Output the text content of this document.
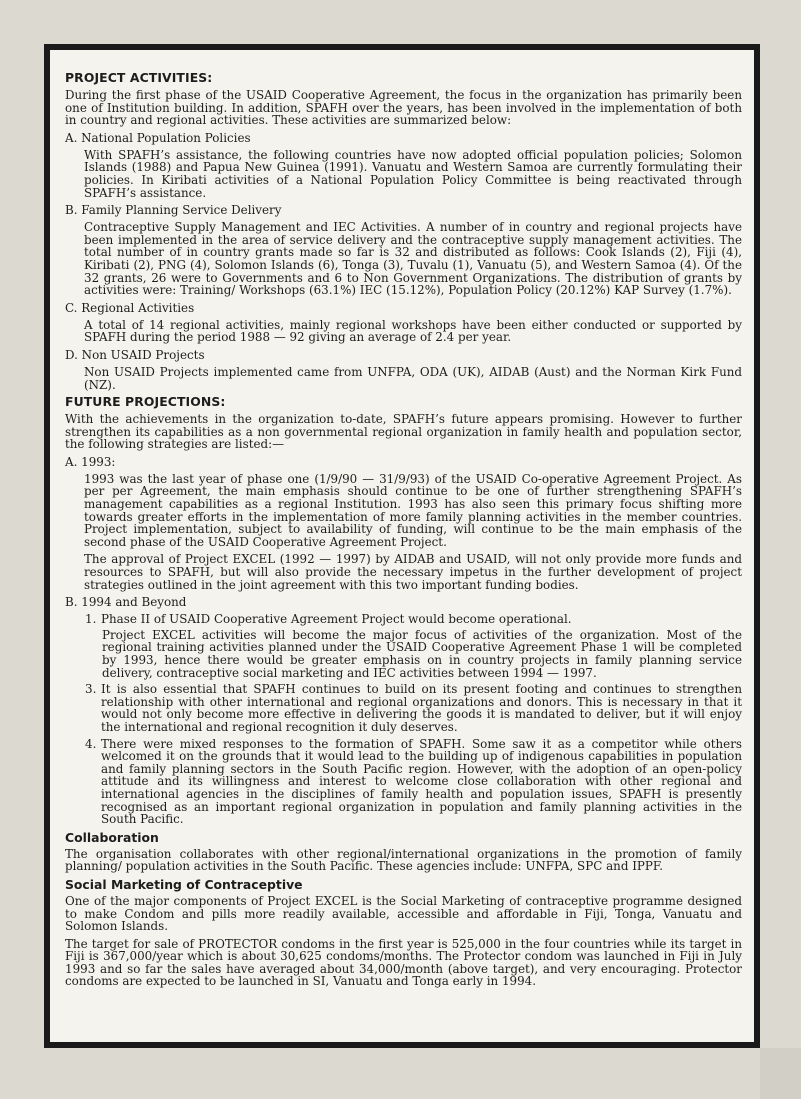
PROJECT ACTIVITIES:

During the first phase of the USAID Cooperative Agreement, the focus in the organization has primarily been one of Institution building. In addition, SPAFH over the years, has been involved in the implementation of both in country and regional activities. These activities are summarized below:

A. National Population Policies

With SPAFH’s assistance, the following countries have now adopted official population policies; Solomon Islands (1988) and Papua New Guinea (1991). Vanuatu and Western Samoa are currently formulating their policies. In Kiribati activities of a National Population Policy Committee is being reactivated through SPAFH’s assistance.

B. Family Planning Service Delivery

Contraceptive Supply Management and IEC Activities. A number of in country and regional projects have been implemented in the area of service delivery and the contraceptive supply management activities. The total number of in country grants made so far is 32 and distributed as follows: Cook Islands (2), Fiji (4), Kiribati (2), PNG (4), Solomon Islands (6), Tonga (3), Tuvalu (1), Vanuatu (5), and Western Samoa (4). Of the 32 grants, 26 were to Governments and 6 to Non Government Organizations. The distribution of grants by activities were: Training/ Workshops (63.1%) IEC (15.12%), Population Policy (20.12%) KAP Survey (1.7%).

C. Regional Activities

A total of 14 regional activities, mainly regional workshops have been either conducted or supported by SPAFH during the period 1988 — 92 giving an average of 2.4 per year.

D. Non USAID Projects

Non USAID Projects implemented came from UNFPA, ODA (UK), AIDAB (Aust) and the Norman Kirk Fund (NZ).

FUTURE PROJECTIONS:

With the achievements in the organization to-date, SPAFH’s future appears promising. However to further strengthen its capabilities as a non governmental regional organization in family health and population sector, the following strategies are listed:—

A. 1993:

1993 was the last year of phase one (1/9/90 — 31/9/93) of the USAID Co-operative Agreement Project. As per per Agreement, the main emphasis should continue to be one of further strengthening SPAFH’s management capabilities as a regional Institution. 1993 has also seen this primary focus shifting more towards greater efforts in the implementation of more family planning activities in the member countries. Project implementation, subject to availability of funding, will continue to be the main emphasis of the second phase of the USAID Cooperative Agreement Project.

The approval of Project EXCEL (1992 — 1997) by AIDAB and USAID, will not only provide more funds and resources to SPAFH, but will also provide the necessary impetus in the further development of project strategies outlined in the joint agreement with this two important funding bodies.

B. 1994 and Beyond

1. Phase II of USAID Cooperative Agreement Project would become operational.

Project EXCEL activities will become the major focus of activities of the organization. Most of the regional training activities planned under the USAID Cooperative Agreement Phase 1 will be completed by 1993, hence there would be greater emphasis on in country projects in family planning service delivery, contraceptive social marketing and IEC activities between 1994 — 1997.

3. It is also essential that SPAFH continues to build on its present footing and continues to strengthen relationship with other international and regional organizations and donors. This is necessary in that it would not only become more effective in delivering the goods it is mandated to deliver, but it will enjoy the international and regional recognition it duly deserves.

4. There were mixed responses to the formation of SPAFH. Some saw it as a competitor while others welcomed it on the grounds that it would lead to the building up of indigenous capabilities in population and family planning sectors in the South Pacific region. However, with the adoption of an open-policy attitude and its willingness and interest to welcome close collaboration with other regional and international agencies in the disciplines of family health and population issues, SPAFH is presently recognised as an important regional organization in population and family planning activities in the South Pacific.

Collaboration

The organisation collaborates with other regional/international organizations in the promotion of family planning/ population activities in the South Pacific. These agencies include: UNFPA, SPC and IPPF.

Social Marketing of Contraceptive

One of the major components of Project EXCEL is the Social Marketing of contraceptive programme designed to make Condom and pills more readily available, accessible and affordable in Fiji, Tonga, Vanuatu and Solomon Islands.

The target for sale of PROTECTOR condoms in the first year is 525,000 in the four countries while its target in Fiji is 367,000/year which is about 30,625 condoms/months. The Protector condom was launched in Fiji in July 1993 and so far the sales have averaged about 34,000/month (above target), and very encouraging. Protector condoms are expected to be launched in SI, Vanuatu and Tonga early in 1994.
